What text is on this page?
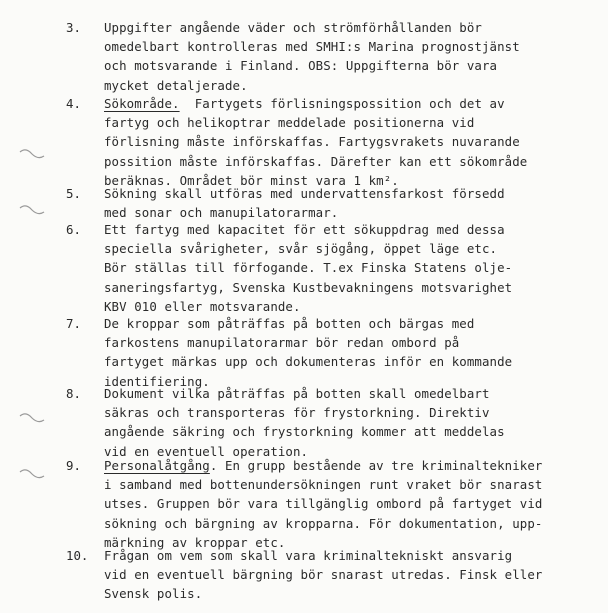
3.	Uppgifter angående väder och strömförhållanden bör
omedelbart kontrolleras med SMHI:s Marina prognostjänst
och motsvarande i Finland. OBS: Uppgifterna bör vara
mycket detaljerade.
4.	Sökområde.  Fartygets förlisningspossition och det av
fartyg och helikoptrar meddelade positionerna vid
förlisning måste införskaffas. Fartygsvrakets nuvarande
possition måste införskaffas. Därefter kan ett sökområde
beräknas. Området bör minst vara 1 km².
5.	Sökning skall utföras med undervattensfarkost försedd
med sonar och manupilatorarmar.
6.	Ett fartyg med kapacitet för ett sökuppdrag med dessa
speciella svårigheter, svår sjögång, öppet läge etc.
Bör ställas till förfogande. T.ex Finska Statens olje-
saneringsfartyg, Svenska Kustbevakningens motsvarighet
KBV 010 eller motsvarande.
7.	De kroppar som påträffas på botten och bärgas med
farkostens manupilatorarmar bör redan ombord på
fartyget märkas upp och dokumenteras inför en kommande
identifiering.
8.	Dokument vilka påträffas på botten skall omedelbart
säkras och transporteras för frystorkning. Direktiv
angående säkring och frystorkning kommer att meddelas
vid en eventuell operation.
9.	Personalåtgång. En grupp bestående av tre kriminaltekniker
i samband med bottenundersökningen runt vraket bör snarast
utses. Gruppen bör vara tillgänglig ombord på fartyget vid
sökning och bärgning av kropparna. För dokumentation, upp-
märkning av kroppar etc.
10. Frågan om vem som skall vara kriminaltekniskt ansvarig
vid en eventuell bärgning bör snarast utredas. Finsk eller
Svensk polis.
